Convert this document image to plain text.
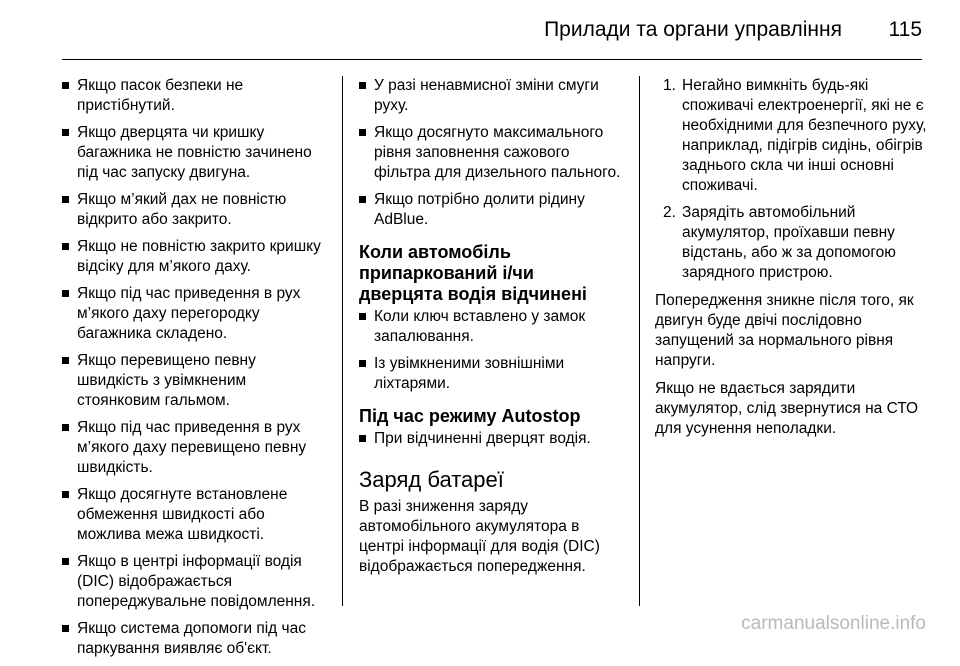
Прилади та органи управління 115
Якщо пасок безпеки не пристібнутий.
Якщо дверцята чи кришку багажника не повністю зачинено під час запуску двигуна.
Якщо м’який дах не повністю відкрито або закрито.
Якщо не повністю закрито кришку відсіку для м’якого даху.
Якщо під час приведення в рух м’якого даху перегородку багажника складено.
Якщо перевищено певну швидкість з увімкненим стоянковим гальмом.
Якщо під час приведення в рух м’якого даху перевищено певну швидкість.
Якщо досягнуте встановлене обмеження швидкості або можлива межа швидкості.
Якщо в центрі інформації водія (DIC) відображається попереджувальне повідомлення.
Якщо система допомоги під час паркування виявляє об'єкт.
У разі ненавмисної зміни смуги руху.
Якщо досягнуто максимального рівня заповнення сажового фільтра для дизельного пального.
Якщо потрібно долити рідину AdBlue.
Коли автомобіль припаркований і/чи дверцята водія відчинені
Коли ключ вставлено у замок запалювання.
Із увімкненими зовнішніми ліхтарями.
Під час режиму Autostop
При відчиненні дверцят водія.
Заряд батареї

В разі зниження заряду автомобільного акумулятора в центрі інформації для водія (DIC) відображається попередження.

1. Негайно вимкніть будь-які споживачі електроенергії, які не є необхідними для безпечного руху, наприклад, підігрів сидінь, обігрів заднього скла чи інші основні споживачі.
2. Зарядіть автомобільний акумулятор, проїхавши певну відстань, або ж за допомогою зарядного пристрою.

Попередження зникне після того, як двигун буде двічі послідовно запущений за нормального рівня напруги.

Якщо не вдається зарядити акумулятор, слід звернутися на СТО для усунення неполадки.

carmanualsonline.info
